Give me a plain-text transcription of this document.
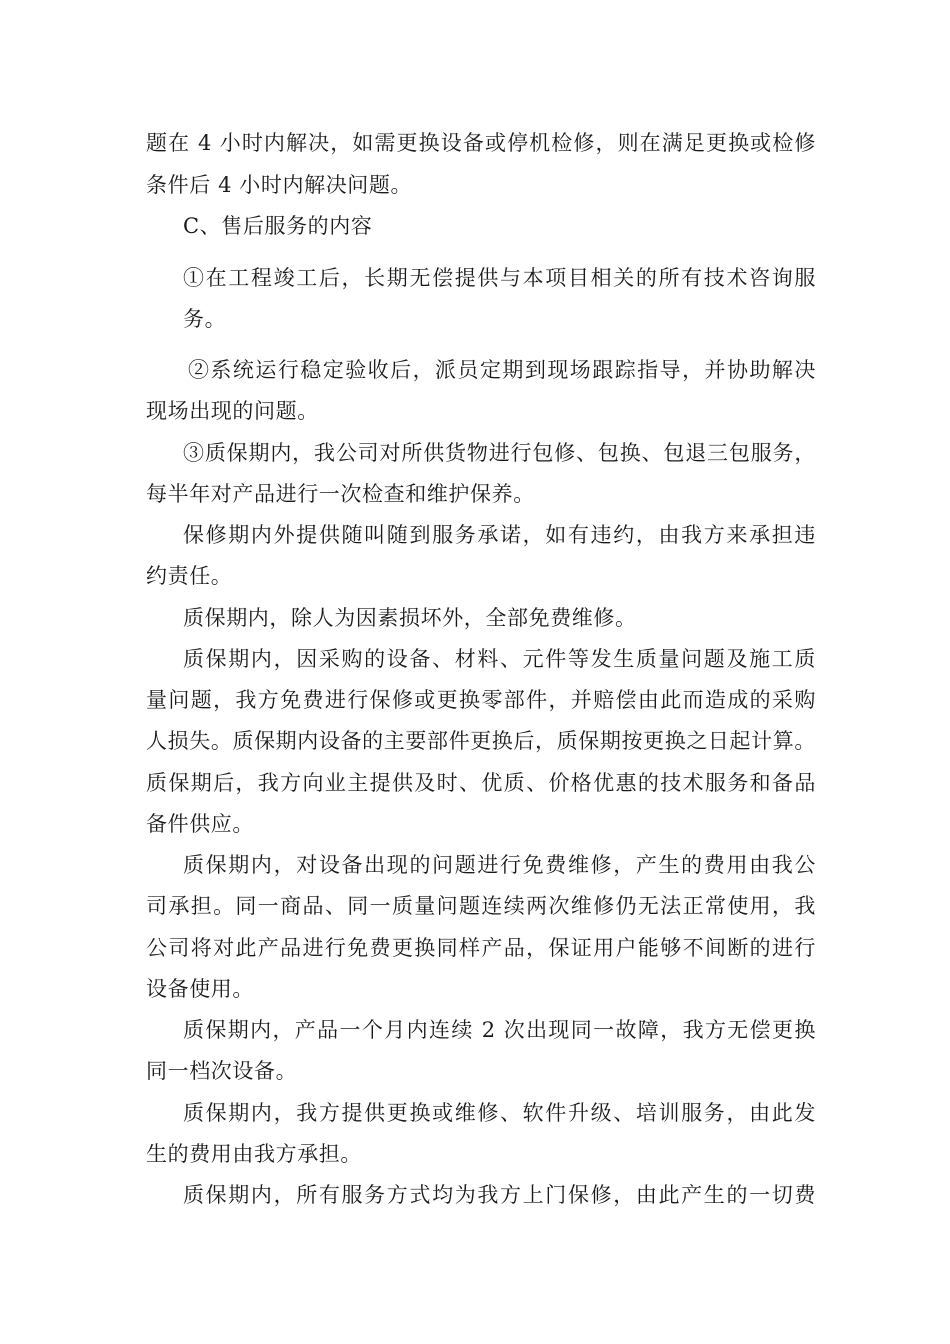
题在 4 小时内解决，如需更换设备或停机检修，则在满足更换或检修
条件后 4 小时内解决问题。
C、售后服务的内容
①在工程竣工后，长期无偿提供与本项目相关的所有技术咨询服
务。
②系统运行稳定验收后，派员定期到现场跟踪指导，并协助解决
现场出现的问题。
③质保期内，我公司对所供货物进行包修、包换、包退三包服务，
每半年对产品进行一次检查和维护保养。
保修期内外提供随叫随到服务承诺，如有违约，由我方来承担违
约责任。
质保期内，除人为因素损坏外，全部免费维修。
质保期内，因采购的设备、材料、元件等发生质量问题及施工质
量问题，我方免费进行保修或更换零部件，并赔偿由此而造成的采购
人损失。质保期内设备的主要部件更换后，质保期按更换之日起计算。
质保期后，我方向业主提供及时、优质、价格优惠的技术服务和备品
备件供应。
质保期内，对设备出现的问题进行免费维修，产生的费用由我公
司承担。同一商品、同一质量问题连续两次维修仍无法正常使用，我
公司将对此产品进行免费更换同样产品，保证用户能够不间断的进行
设备使用。
质保期内，产品一个月内连续 2 次出现同一故障，我方无偿更换
同一档次设备。
质保期内，我方提供更换或维修、软件升级、培训服务，由此发
生的费用由我方承担。
质保期内，所有服务方式均为我方上门保修，由此产生的一切费
